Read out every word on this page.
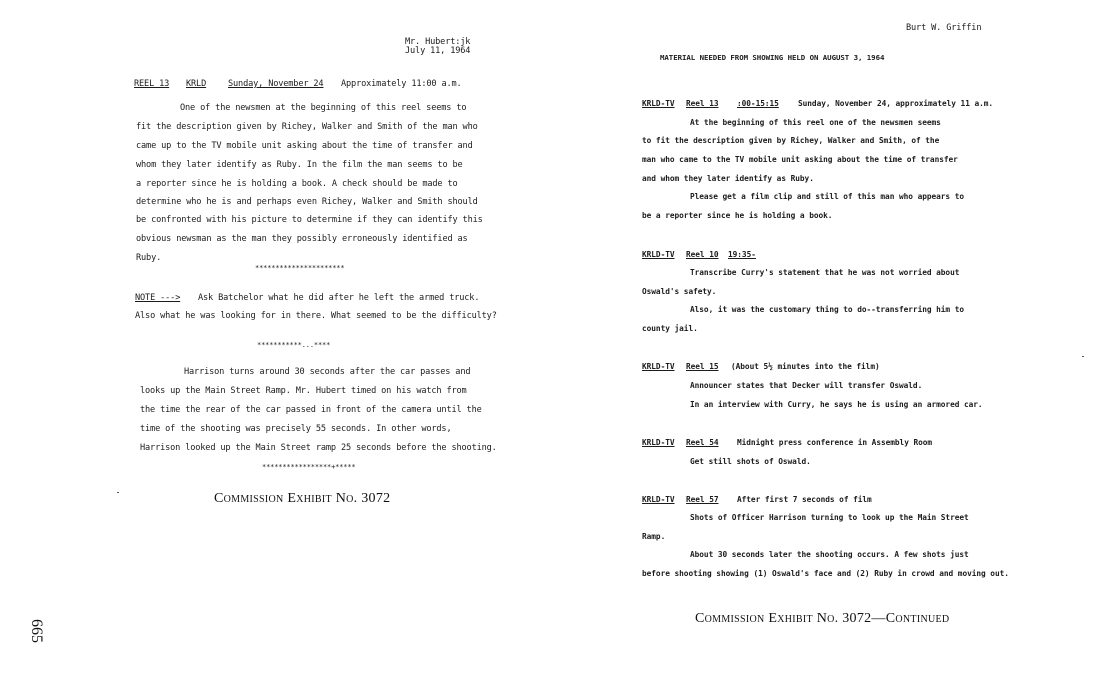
Mr. Hubert:jk
July 11, 1964
REEL 13 KRLD	Sunday, November 24 Approximately 11:00 a.m.
One of the newsmen at the beginning of this reel seems to
fit the description given by Richey, Walker and Smith of the man who
came up to the TV mobile unit asking about the time of transfer and
whom they later identify as Ruby. In the film the man seems to be
a reporter since he is holding a book. A check should be made to
determine who he is and perhaps even Richey, Walker and Smith should
be confronted with his picture to determine if they can identify this
obvious newsman as the man they possibly erroneously identified as
Ruby.
**********************
NOTE ---> Ask Batchelor what he did after he left the armed truck.
Also what he was looking for in there. What seemed to be the difficulty?
***********...****
Harrison turns around 30 seconds after the car passes and
looks up the Main Street Ramp. Mr. Hubert timed on his watch from
the time the rear of the car passed in front of the camera until the
time of the shooting was precisely 55 seconds. In other words,
Harrison looked up the Main Street ramp 25 seconds before the shooting.
*****************+*****
Commission Exhibit No. 3072
665
Burt W. Griffin
MATERIAL NEEDED FROM SHOWING HELD ON AUGUST 3, 1964
KRLD-TV Reel 13 :00-15:15 Sunday, November 24, approximately 11 a.m.
At the beginning of this reel one of the newsmen seems
to fit the description given by Richey, Walker and Smith, of the
man who came to the TV mobile unit asking about the time of transfer
and whom they later identify as Ruby.
Please get a film clip and still of this man who appears to
be a reporter since he is holding a book.
KRLD-TV Reel 10 19:35-
Transcribe Curry's statement that he was not worried about
Oswald's safety.
Also, it was the customary thing to do--transferring him to
county jail.
KRLD-TV Reel 15 (About 5½ minutes into the film)
Announcer states that Decker will transfer Oswald.
In an interview with Curry, he says he is using an armored car.
KRLD-TV Reel 54 Midnight press conference in Assembly Room
Get still shots of Oswald.
KRLD-TV Reel 57 After first 7 seconds of film
Shots of Officer Harrison turning to look up the Main Street
Ramp.
About 30 seconds later the shooting occurs. A few shots just
before shooting showing (1) Oswald's face and (2) Ruby in crowd and moving out.
Commission Exhibit No. 3072—Continued
